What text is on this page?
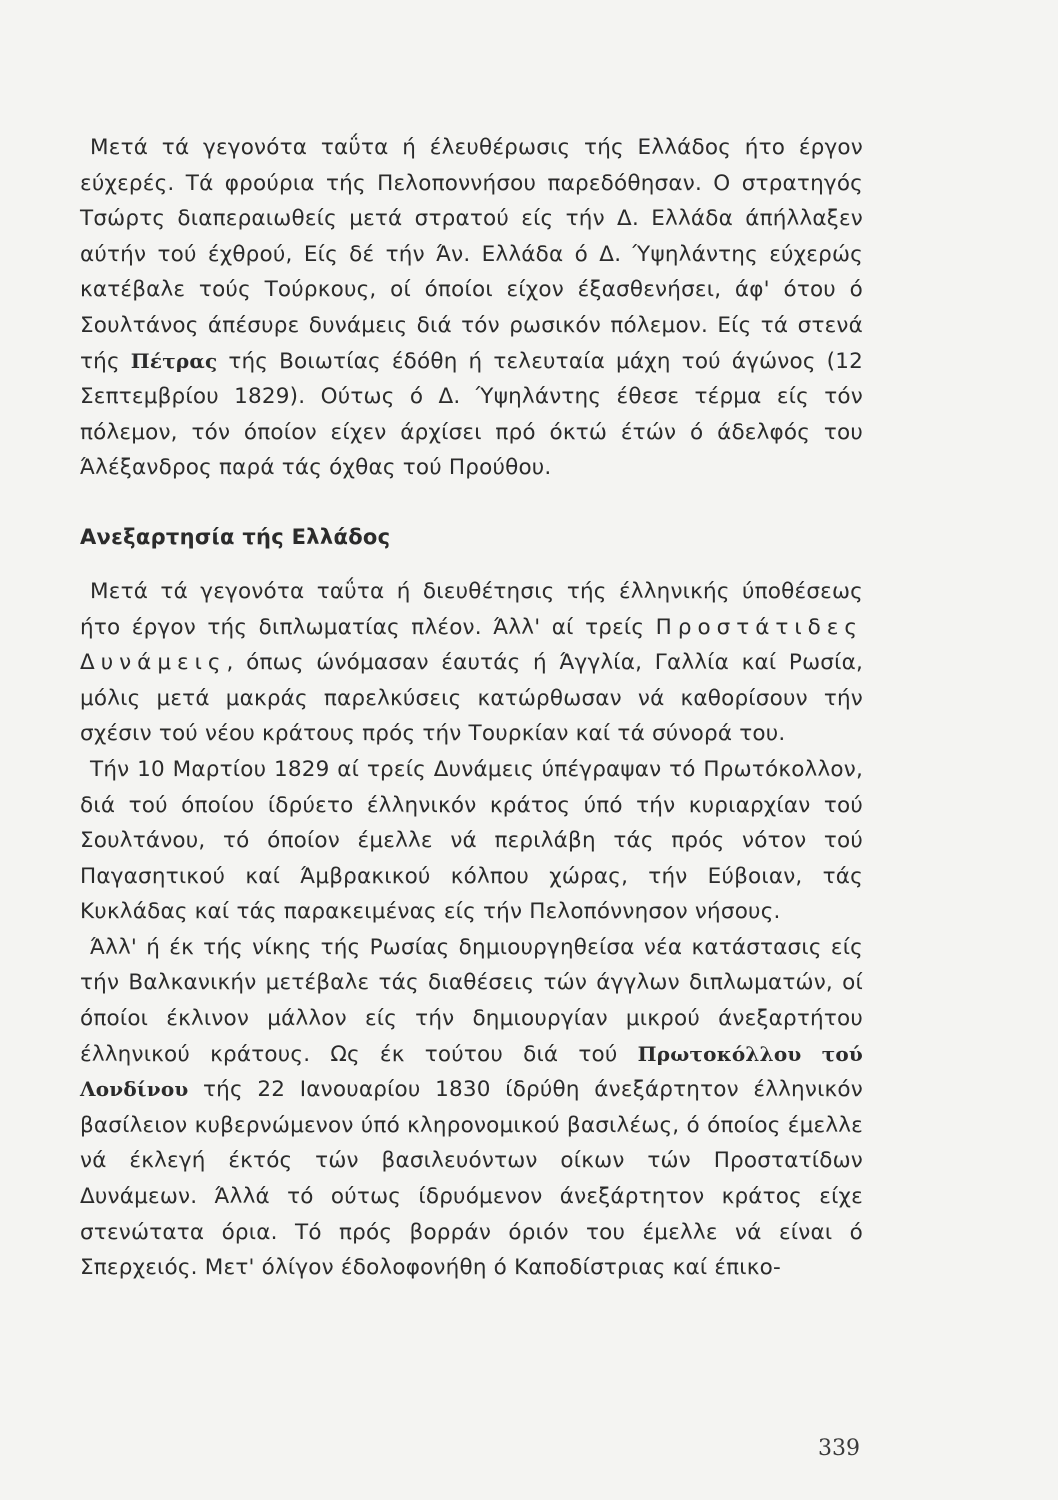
Μετά τά γεγονότα ταΰτα ή έλευθέρωσις τής Ελλάδος ήτο έργον εύχερές. Τά φρούρια τής Πελοποννήσου παρεδόθησαν. Ο στρατηγός Τσώρτς διαπεραιωθείς μετά στρατού είς τήν Δ. Ελλάδα άπήλλαξεν αύτήν τού έχθρού, Είς δέ τήν Άν. Ελλάδα ό Δ. Ύψηλάντης εύχερώς κατέβαλε τούς Τούρκους, οί όποίοι είχον έξασθενήσει, άφ' ότου ό Σουλτάνος άπέσυρε δυνάμεις διά τόν ρωσικόν πόλεμον. Είς τά στενά τής Πέτρας τής Βοιωτίας έδόθη ή τελευταία μάχη τού άγώνος (12 Σεπτεμβρίου 1829). Ούτως ό Δ. Ύψηλάντης έθεσε τέρμα είς τόν πόλεμον, τόν όποίον είχεν άρχίσει πρό όκτώ έτών ό άδελφός του Άλέξανδρος παρά τάς όχθας τού Προύθου.

Ανεξαρτησία τής Ελλάδος

Μετά τά γεγονότα ταΰτα ή διευθέτησις τής έλληνικής ύποθέσεως ήτο έργον τής διπλωματίας πλέον. Άλλ' αί τρείς Προστάτιδες Δυνάμεις, όπως ώνόμασαν έαυτάς ή Άγγλία, Γαλλία καί Ρωσία, μόλις μετά μακράς παρελκύσεις κατώρθωσαν νά καθορίσουν τήν σχέσιν τού νέου κράτους πρός τήν Τουρκίαν καί τά σύνορά του.

Τήν 10 Μαρτίου 1829 αί τρείς Δυνάμεις ύπέγραψαν τό Πρωτόκολλον, διά τού όποίου ίδρύετο έλληνικόν κράτος ύπό τήν κυριαρχίαν τού Σουλτάνου, τό όποίον έμελλε νά περιλάβη τάς πρός νότον τού Παγασητικού καί Άμβρακικού κόλπου χώρας, τήν Εύβοιαν, τάς Κυκλάδας καί τάς παρακειμένας είς τήν Πελοπόννησον νήσους.

Άλλ' ή έκ τής νίκης τής Ρωσίας δημιουργηθείσα νέα κατάστασις είς τήν Βαλκανικήν μετέβαλε τάς διαθέσεις τών άγγλων διπλωματών, οί όποίοι έκλινον μάλλον είς τήν δημιουργίαν μικρού άνεξαρτήτου έλληνικού κράτους. Ως έκ τούτου διά τού Πρωτοκόλλου τού Λονδίνου τής 22 Ιανουαρίου 1830 ίδρύθη άνεξάρτητον έλληνικόν βασίλειον κυβερνώμενον ύπό κληρονομικού βασιλέως, ό όποίος έμελλε νά έκλεγή έκτός τών βασιλευόντων οίκων τών Προστατίδων Δυνάμεων. Άλλά τό ούτως ίδρυόμενον άνεξάρτητον κράτος είχε στενώτατα όρια. Τό πρός βορράν όριόν του έμελλε νά είναι ό Σπερχειός. Μετ' όλίγον έδολοφονήθη ό Καποδίστριας καί έπικο-

339
